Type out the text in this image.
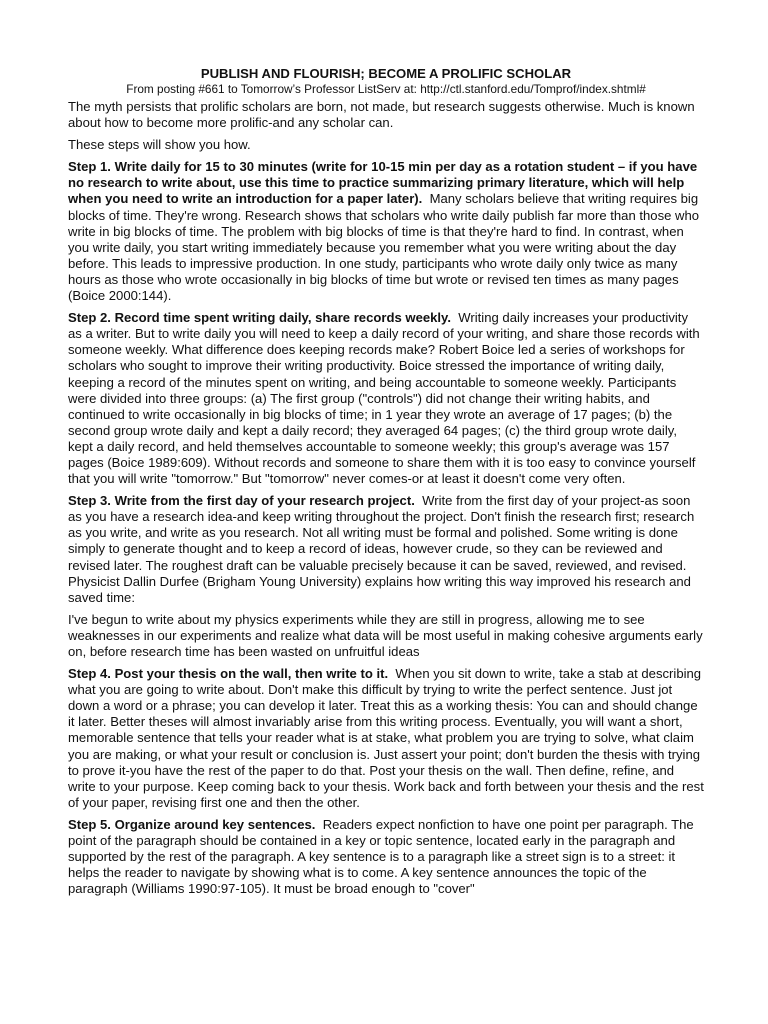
PUBLISH AND FLOURISH; BECOME A PROLIFIC SCHOLAR
From posting #661 to Tomorrow’s Professor ListServ at: http://ctl.stanford.edu/Tomprof/index.shtml#

The myth persists that prolific scholars are born, not made, but research suggests otherwise. Much is known about how to become more prolific-and any scholar can.

These steps will show you how.

Step 1. Write daily for 15 to 30 minutes (write for 10-15 min per day as a rotation student – if you have no research to write about, use this time to practice summarizing primary literature, which will help when you need to write an introduction for a paper later). Many scholars believe that writing requires big blocks of time. They're wrong. Research shows that scholars who write daily publish far more than those who write in big blocks of time. The problem with big blocks of time is that they're hard to find. In contrast, when you write daily, you start writing immediately because you remember what you were writing about the day before. This leads to impressive production. In one study, participants who wrote daily only twice as many hours as those who wrote occasionally in big blocks of time but wrote or revised ten times as many pages (Boice 2000:144).

Step 2. Record time spent writing daily, share records weekly. Writing daily increases your productivity as a writer. But to write daily you will need to keep a daily record of your writing, and share those records with someone weekly. What difference does keeping records make? Robert Boice led a series of workshops for scholars who sought to improve their writing productivity. Boice stressed the importance of writing daily, keeping a record of the minutes spent on writing, and being accountable to someone weekly. Participants were divided into three groups: (a) The first group ("controls") did not change their writing habits, and continued to write occasionally in big blocks of time; in 1 year they wrote an average of 17 pages; (b) the second group wrote daily and kept a daily record; they averaged 64 pages; (c) the third group wrote daily, kept a daily record, and held themselves accountable to someone weekly; this group's average was 157 pages (Boice 1989:609). Without records and someone to share them with it is too easy to convince yourself that you will write "tomorrow." But "tomorrow" never comes-or at least it doesn't come very often.

Step 3. Write from the first day of your research project. Write from the first day of your project-as soon as you have a research idea-and keep writing throughout the project. Don't finish the research first; research as you write, and write as you research. Not all writing must be formal and polished. Some writing is done simply to generate thought and to keep a record of ideas, however crude, so they can be reviewed and revised later. The roughest draft can be valuable precisely because it can be saved, reviewed, and revised. Physicist Dallin Durfee (Brigham Young University) explains how writing this way improved his research and saved time:

I've begun to write about my physics experiments while they are still in progress, allowing me to see weaknesses in our experiments and realize what data will be most useful in making cohesive arguments early on, before research time has been wasted on unfruitful ideas

Step 4. Post your thesis on the wall, then write to it. When you sit down to write, take a stab at describing what you are going to write about. Don't make this difficult by trying to write the perfect sentence. Just jot down a word or a phrase; you can develop it later. Treat this as a working thesis: You can and should change it later. Better theses will almost invariably arise from this writing process. Eventually, you will want a short, memorable sentence that tells your reader what is at stake, what problem you are trying to solve, what claim you are making, or what your result or conclusion is. Just assert your point; don't burden the thesis with trying to prove it-you have the rest of the paper to do that. Post your thesis on the wall. Then define, refine, and write to your purpose. Keep coming back to your thesis. Work back and forth between your thesis and the rest of your paper, revising first one and then the other.

Step 5. Organize around key sentences. Readers expect nonfiction to have one point per paragraph. The point of the paragraph should be contained in a key or topic sentence, located early in the paragraph and supported by the rest of the paragraph. A key sentence is to a paragraph like a street sign is to a street: it helps the reader to navigate by showing what is to come. A key sentence announces the topic of the paragraph (Williams 1990:97-105). It must be broad enough to "cover"
